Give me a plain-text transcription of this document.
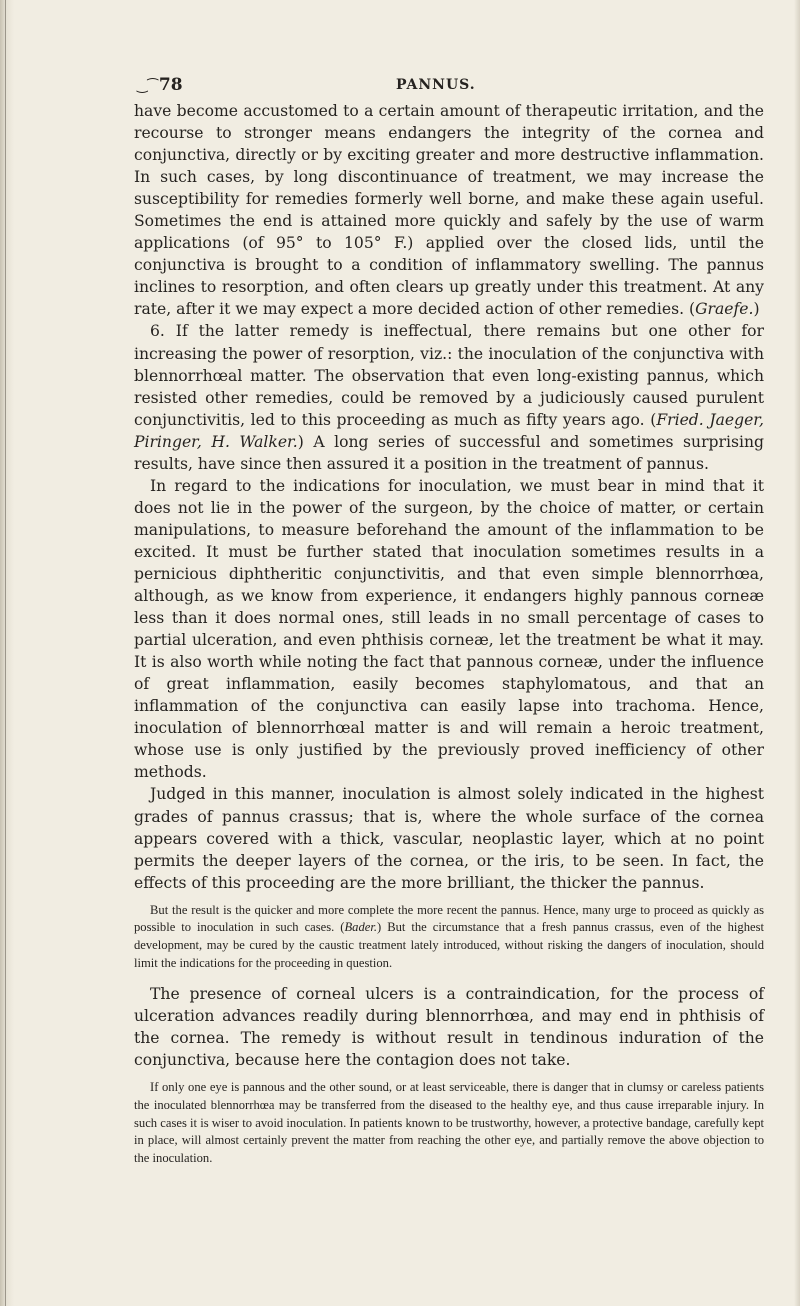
‿⁀78	PANNUS.

have become accustomed to a certain amount of therapeutic irritation, and the recourse to stronger means endangers the integrity of the cornea and conjunctiva, directly or by exciting greater and more destructive inflammation. In such cases, by long discontinuance of treatment, we may increase the susceptibility for remedies formerly well borne, and make these again useful. Sometimes the end is attained more quickly and safely by the use of warm applications (of 95° to 105° F.) applied over the closed lids, until the conjunctiva is brought to a condition of inflammatory swelling. The pannus inclines to resorption, and often clears up greatly under this treatment. At any rate, after it we may expect a more decided action of other remedies. (Graefe.)

6. If the latter remedy is ineffectual, there remains but one other for increasing the power of resorption, viz.: the inoculation of the conjunctiva with blennorrhœal matter. The observation that even long-existing pannus, which resisted other remedies, could be removed by a judiciously caused purulent conjunctivitis, led to this proceeding as much as fifty years ago. (Fried. Jaeger, Piringer, H. Walker.) A long series of successful and sometimes surprising results, have since then assured it a position in the treatment of pannus.

In regard to the indications for inoculation, we must bear in mind that it does not lie in the power of the surgeon, by the choice of matter, or certain manipulations, to measure beforehand the amount of the inflammation to be excited. It must be further stated that inoculation sometimes results in a pernicious diphtheritic conjunctivitis, and that even simple blennorrhœa, although, as we know from experience, it endangers highly pannous corneæ less than it does normal ones, still leads in no small percentage of cases to partial ulceration, and even phthisis corneæ, let the treatment be what it may. It is also worth while noting the fact that pannous corneæ, under the influence of great inflammation, easily becomes staphylomatous, and that an inflammation of the conjunctiva can easily lapse into trachoma. Hence, inoculation of blennorrhœal matter is and will remain a heroic treatment, whose use is only justified by the previously proved inefficiency of other methods.

Judged in this manner, inoculation is almost solely indicated in the highest grades of pannus crassus; that is, where the whole surface of the cornea appears covered with a thick, vascular, neoplastic layer, which at no point permits the deeper layers of the cornea, or the iris, to be seen. In fact, the effects of this proceeding are the more brilliant, the thicker the pannus.

But the result is the quicker and more complete the more recent the pannus. Hence, many urge to proceed as quickly as possible to inoculation in such cases. (Bader.) But the circumstance that a fresh pannus crassus, even of the highest development, may be cured by the caustic treatment lately introduced, without risking the dangers of inoculation, should limit the indications for the proceeding in question.

The presence of corneal ulcers is a contraindication, for the process of ulceration advances readily during blennorrhœa, and may end in phthisis of the cornea. The remedy is without result in tendinous induration of the conjunctiva, because here the contagion does not take.

If only one eye is pannous and the other sound, or at least serviceable, there is danger that in clumsy or careless patients the inoculated blennorrhœa may be transferred from the diseased to the healthy eye, and thus cause irreparable injury. In such cases it is wiser to avoid inoculation. In patients known to be trustworthy, however, a protective bandage, carefully kept in place, will almost certainly prevent the matter from reaching the other eye, and partially remove the above objection to the inoculation.
